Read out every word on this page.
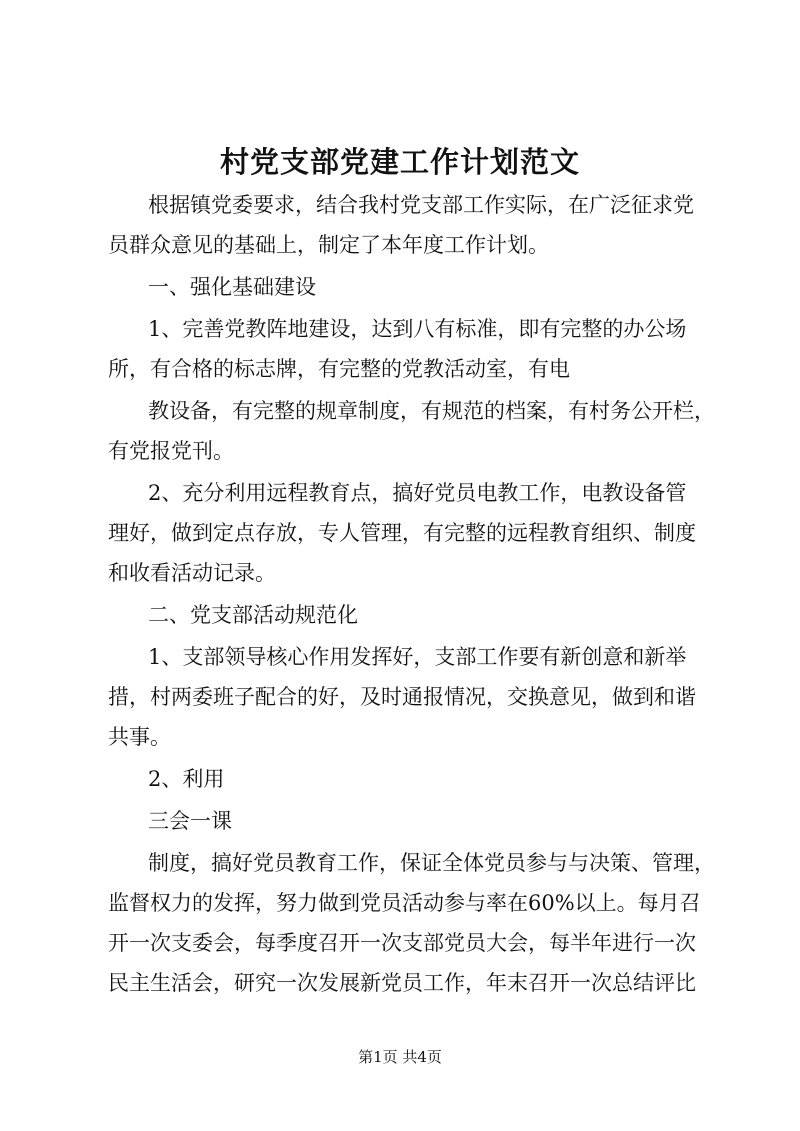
村党支部党建工作计划范文
根据镇党委要求，结合我村党支部工作实际，在广泛征求党
员群众意见的基础上，制定了本年度工作计划。
一、强化基础建设
1、完善党教阵地建设，达到八有标准，即有完整的办公场
所，有合格的标志牌，有完整的党教活动室，有电
教设备，有完整的规章制度，有规范的档案，有村务公开栏，
有党报党刊。
2、充分利用远程教育点，搞好党员电教工作，电教设备管
理好，做到定点存放，专人管理，有完整的远程教育组织、制度
和收看活动记录。
二、党支部活动规范化
1、支部领导核心作用发挥好，支部工作要有新创意和新举
措，村两委班子配合的好，及时通报情况，交换意见，做到和谐
共事。
2、利用
三会一课
制度，搞好党员教育工作，保证全体党员参与与决策、管理，
监督权力的发挥，努力做到党员活动参与率在60%以上。每月召
开一次支委会，每季度召开一次支部党员大会，每半年进行一次
民主生活会，研究一次发展新党员工作，年末召开一次总结评比
第1页 共4页
